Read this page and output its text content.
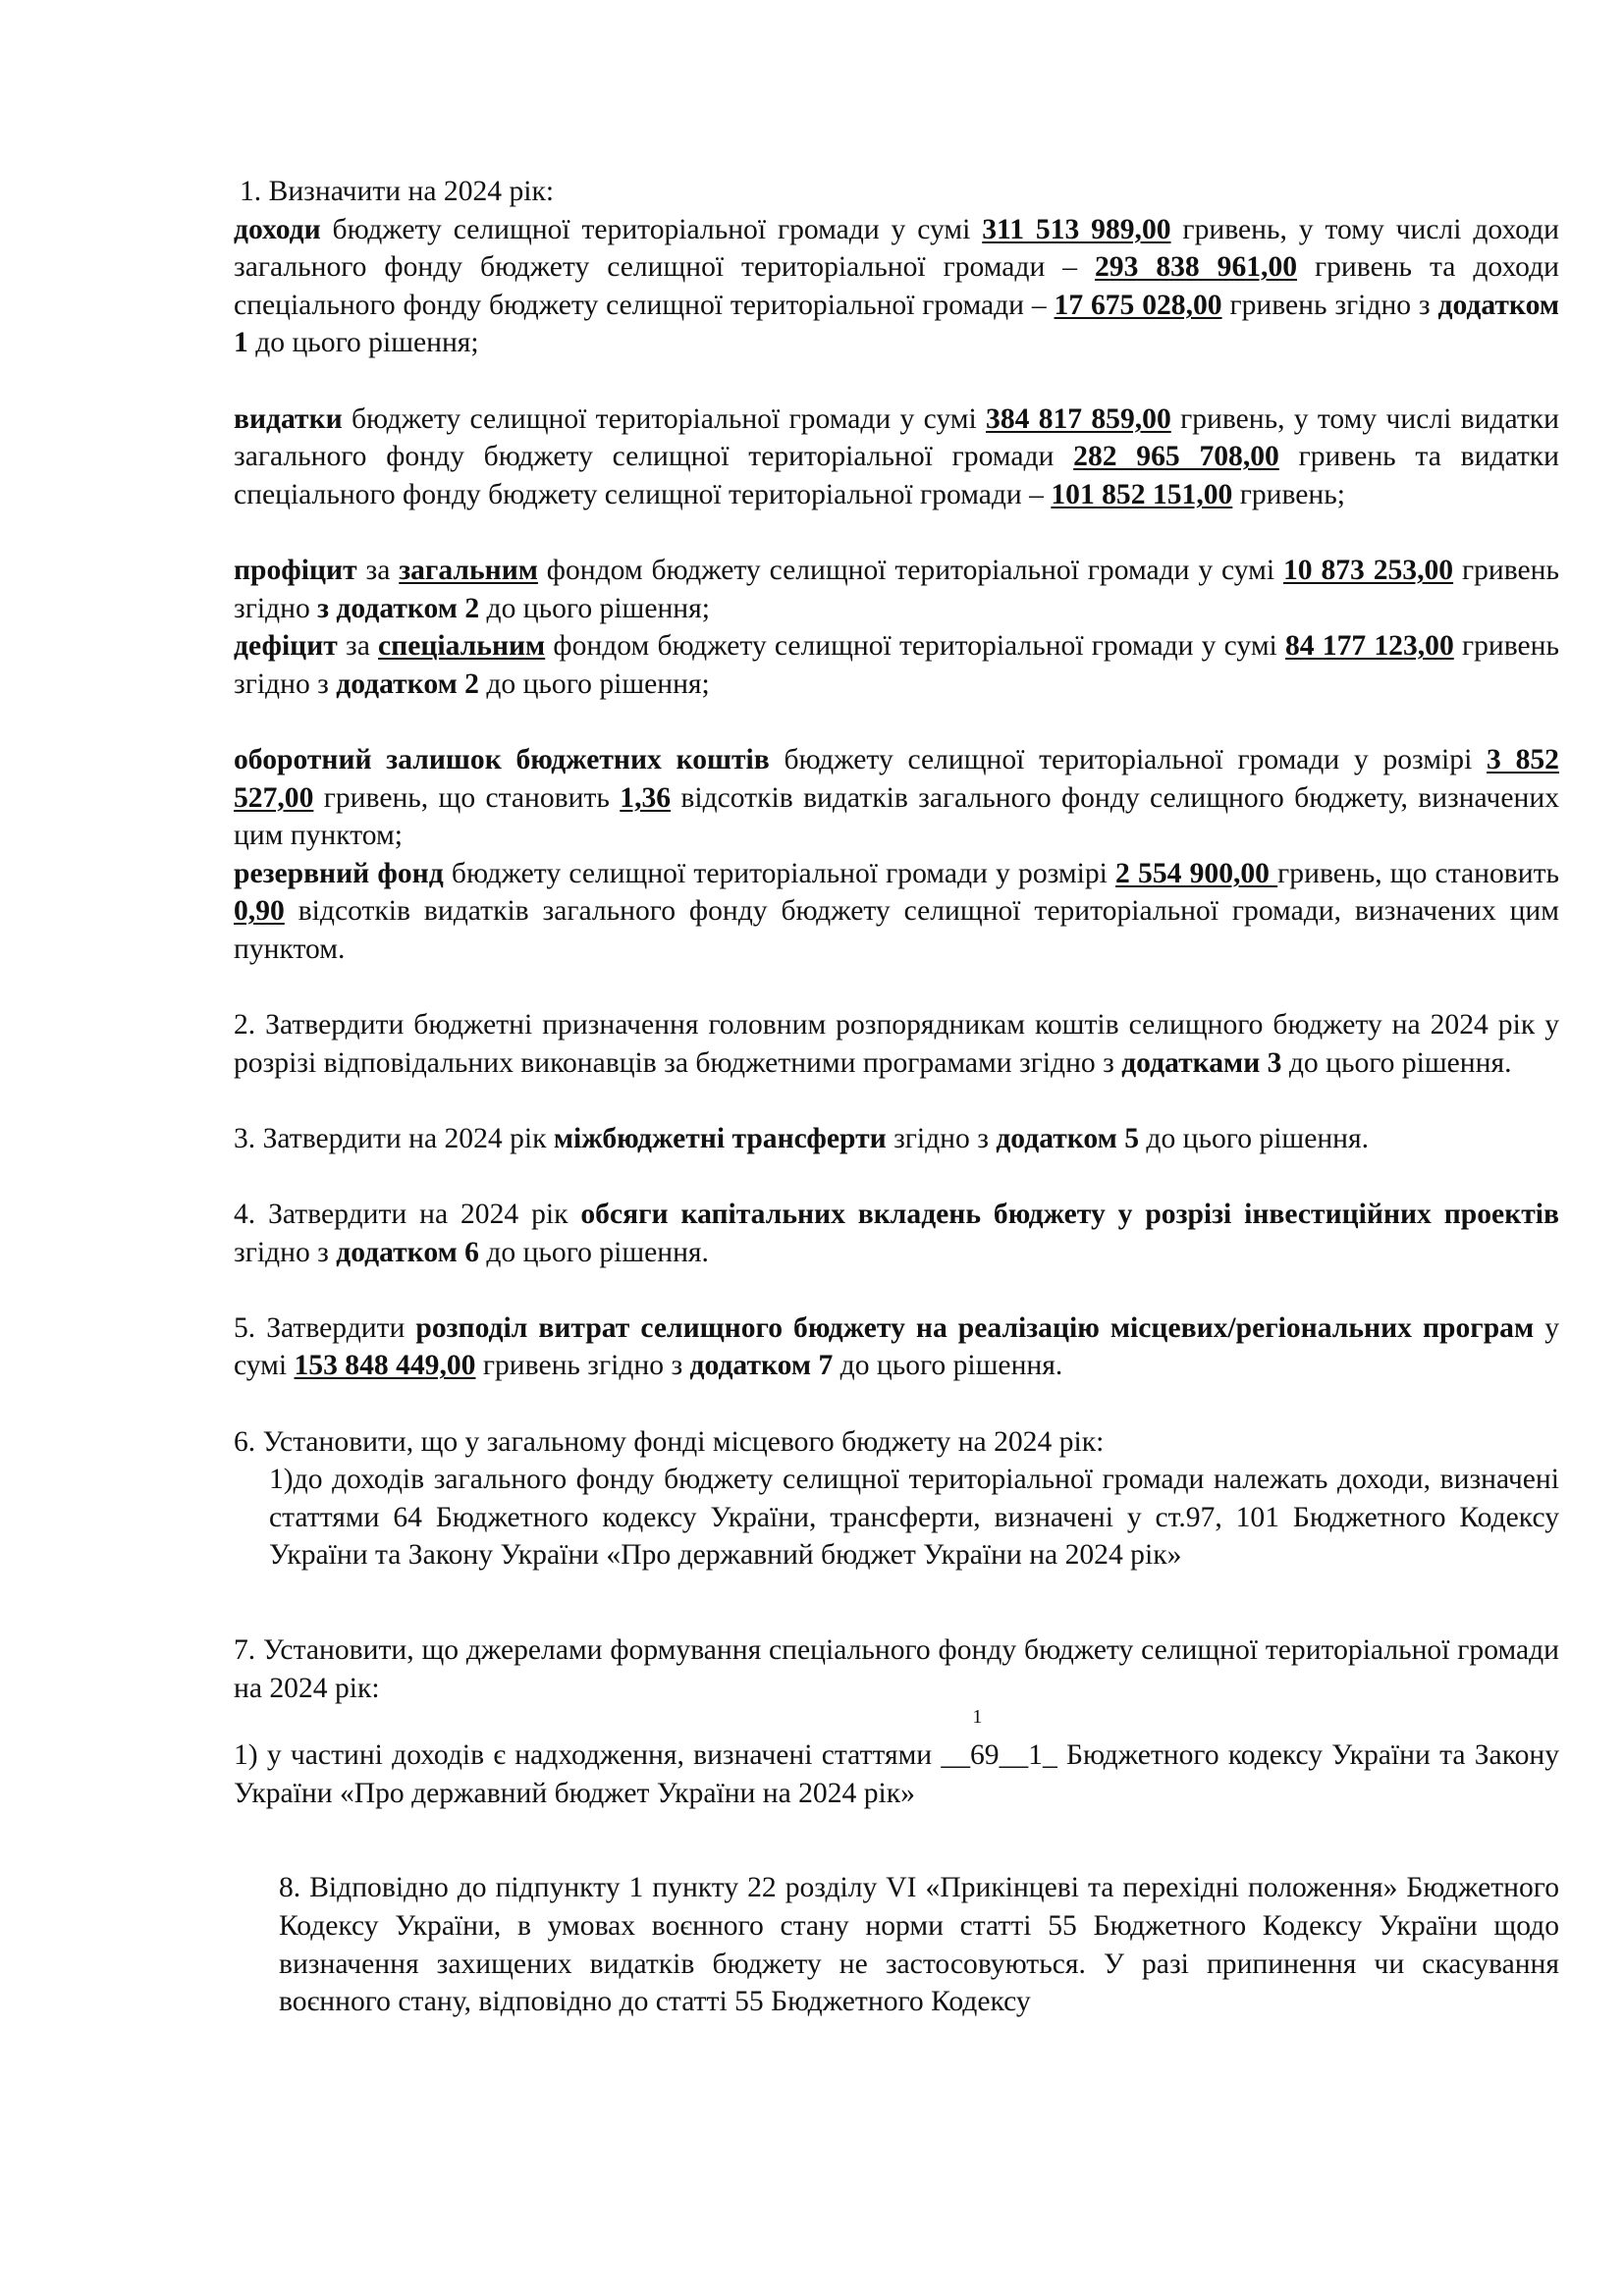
1. Визначити на 2024 рік:

доходи бюджету селищної територіальної громади у сумі 311 513 989,00 гривень, у тому числі доходи загального фонду бюджету селищної територіальної громади – 293 838 961,00 гривень та доходи спеціального фонду бюджету селищної територіальної громади – 17 675 028,00 гривень згідно з додатком 1 до цього рішення;

видатки бюджету селищної територіальної громади у сумі 384 817 859,00 гривень, у тому числі видатки загального фонду бюджету селищної територіальної громади 282 965 708,00 гривень та видатки спеціального фонду бюджету селищної територіальної громади – 101 852 151,00 гривень;

профіцит за загальним фондом бюджету селищної територіальної громади у сумі 10 873 253,00 гривень згідно з додатком 2 до цього рішення;

дефіцит за спеціальним фондом бюджету селищної територіальної громади у сумі 84 177 123,00 гривень згідно з додатком 2 до цього рішення;

оборотний залишок бюджетних коштів бюджету селищної територіальної громади у розмірі 3 852 527,00 гривень, що становить 1,36 відсотків видатків загального фонду селищного бюджету, визначених цим пунктом;

резервний фонд бюджету селищної територіальної громади у розмірі 2 554 900,00 гривень, що становить 0,90 відсотків видатків загального фонду бюджету селищної територіальної громади, визначених цим пунктом.

2. Затвердити бюджетні призначення головним розпорядникам коштів селищного бюджету на 2024 рік у розрізі відповідальних виконавців за бюджетними програмами згідно з додатками 3 до цього рішення.

3. Затвердити на 2024 рік міжбюджетні трансферти згідно з додатком 5 до цього рішення.

4. Затвердити на 2024 рік обсяги капітальних вкладень бюджету у розрізі інвестиційних проектів згідно з додатком 6 до цього рішення.

5. Затвердити розподіл витрат селищного бюджету на реалізацію місцевих/регіональних програм у сумі 153 848 449,00 гривень згідно з додатком 7 до цього рішення.

6. Установити, що у загальному фонді місцевого бюджету на 2024 рік:

1)до доходів загального фонду бюджету селищної територіальної громади належать доходи, визначені статтями 64 Бюджетного кодексу України, трансферти, визначені у ст.97, 101 Бюджетного Кодексу України та Закону України «Про державний бюджет України на 2024 рік»

7. Установити, що джерелами формування спеціального фонду бюджету селищної територіальної громади на 2024 рік:

1) у частині доходів є надходження, визначені статтями __69_
1
_1_ Бюджетного кодексу України та Закону України «Про державний бюджет України на 2024 рік»

8. Відповідно до підпункту 1 пункту 22 розділу VI «Прикінцеві та перехідні положення» Бюджетного Кодексу України, в умовах воєнного стану норми статті 55 Бюджетного Кодексу України щодо визначення захищених видатків бюджету не застосовуються. У разі припинення чи скасування воєнного стану, відповідно до статті 55 Бюджетного Кодексу
